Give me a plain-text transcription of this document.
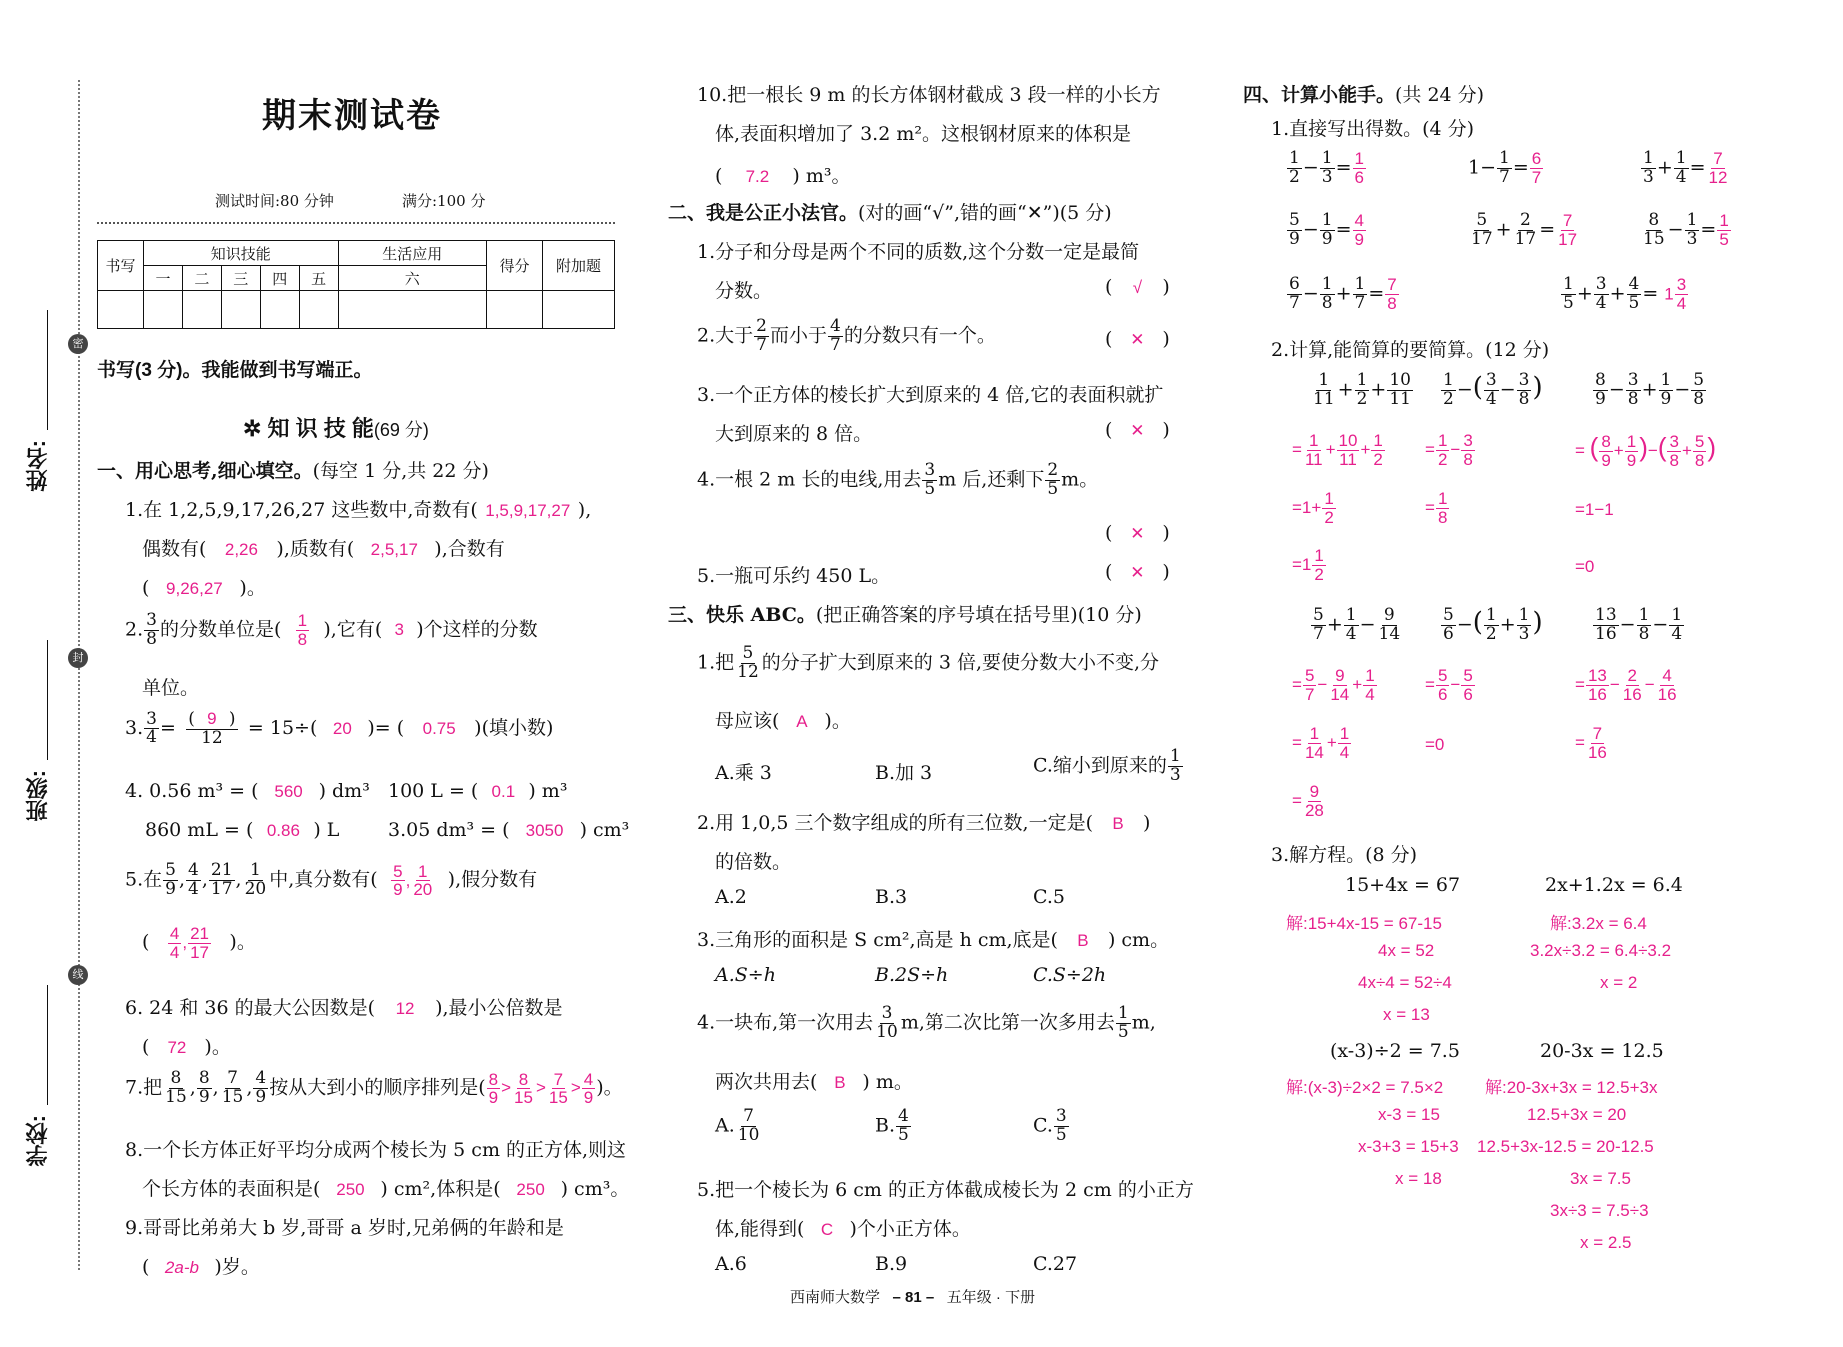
姓名:
班级:
学校:
密
封
线
期末测试卷
测试时间:80 分钟	满分:100 分
书写	知识技能					生活应用	得分	附加题
	一	二	三	四	五	六		

书写(3 分)。我能做到书写端正。
✲ 知 识 技 能(69 分)
一、用心思考,细心填空。(每空 1 分,共 22 分)
1.在 1,2,5,9,17,26,27 这些数中,奇数有( 1,5,9,17,27 ),
偶数有( 2,26 ),质数有( 2,5,17 ),合数有
( 9,26,27 )。
2. $\frac{3}{8}$ 的分数单位是( $\frac{1}{8}$ ),它有( 3 )个这样的分数
单位。
3. $\frac{3}{4} = \frac{( 9 )}{12} = 15\div$( 20 )= ( 0.75 )(填小数)
4. 0.56 m³ = ( 560 ) dm³ 100 L = ( 0.1 ) m³
860 mL = ( 0.86 ) L	3.05 dm³ = ( 3050 ) cm³
5.在 $\frac{5}{9}$ , $\frac{4}{4}$ , $\frac{21}{17}$ , $\frac{1}{20}$ 中,真分数有( $\frac{5}{9}$ , $\frac{1}{20}$ ),假分数有
( $\frac{4}{4}$ , $\frac{21}{17}$ )。
6. 24 和 36 的最大公因数是( 12 ),最小公倍数是
( 72 )。
7.把 $\frac{8}{15}$ , $\frac{8}{9}$ , $\frac{7}{15}$ , $\frac{4}{9}$ 按从大到小的顺序排列是( $\frac{8}{9} > \frac{8}{15} > \frac{7}{15} > \frac{4}{9}$ )。
8.一个长方体正好平均分成两个棱长为 5 cm 的正方体,则这
个长方体的表面积是( 250 ) cm²,体积是( 250 ) cm³。
9.哥哥比弟弟大 b 岁,哥哥 a 岁时,兄弟俩的年龄和是
( 2a-b )岁。
10.把一根长 9 m 的长方体钢材截成 3 段一样的小长方
体,表面积增加了 3.2 m²。这根钢材原来的体积是
( 7.2 ) m³。
二、我是公正小法官。(对的画“√”,错的画“✕”)(5 分)
1.分子和分母是两个不同的质数,这个分数一定是最简
分数。	( √ )
2.大于 $\frac{2}{7}$ 而小于 $\frac{4}{7}$ 的分数只有一个。	( ✕ )
3.一个正方体的棱长扩大到原来的 4 倍,它的表面积就扩
大到原来的 8 倍。	( ✕ )
4.一根 2 m 长的电线,用去 $\frac{3}{5}$ m 后,还剩下 $\frac{2}{5}$ m。
( ✕ )
5.一瓶可乐约 450 L。	( ✕ )
三、快乐 ABC。(把正确答案的序号填在括号里)(10 分)
1.把 $\frac{5}{12}$ 的分子扩大到原来的 3 倍,要使分数大小不变,分
母应该( A )。
A.乘 3	B.加 3	C.缩小到原来的 $\frac{1}{3}$
2.用 1,0,5 三个数字组成的所有三位数,一定是( B )
的倍数。
A.2	B.3	C.5
3.三角形的面积是 S cm²,高是 h cm,底是( B ) cm。
A.S÷h	B.2S÷h	C.S÷2h
4.一块布,第一次用去 $\frac{3}{10} m$,第二次比第一次多用去 $\frac{1}{5} m$,
两次共用去( B ) m。
A. $\frac{7}{10}$	B. $\frac{4}{5}$	C. $\frac{3}{5}$
5.把一个棱长为 6 cm 的正方体截成棱长为 2 cm 的小正方
体,能得到( C )个小正方体。
A.6	B.9	C.27
西南师大数学 – 81 – 五年级 · 下册
四、计算小能手。(共 24 分)
1.直接写出得数。(4 分)
$\frac{1}{2} - \frac{1}{3} = \frac{1}{6}$	$1- \frac{1}{7} = \frac{6}{7}$	$\frac{1}{3} + \frac{1}{4} = \frac{7}{12}$
$\frac{5}{9} - \frac{1}{9} = \frac{4}{9}$	$\frac{5}{17} + \frac{2}{17} = \frac{7}{17}$	$\frac{8}{15} - \frac{1}{3} = \frac{1}{5}$
$\frac{6}{7} - \frac{1}{8} + \frac{1}{7} = \frac{7}{8}$	$\frac{1}{5} + \frac{3}{4} + \frac{4}{5} = 1 \frac{3}{4}$
2.计算,能简算的要简算。(12 分)
$\frac{1}{11} + \frac{1}{2} + \frac{10}{11}$
= $\frac{1}{11} + \frac{10}{11} + \frac{1}{2}$
$=1+ \frac{1}{2}$
$=1 \frac{1}{2}$
$\frac{1}{2}$ −( $\frac{3}{4} - \frac{3}{8}$ )
= $\frac{1}{2} - \frac{3}{8}$
= $\frac{1}{8}$
$\frac{8}{9} - \frac{3}{8} + \frac{1}{9} - \frac{5}{8}$
= ( $\frac{8}{9} + \frac{1}{9}$ )−( $\frac{3}{8} + \frac{5}{8}$ )
=1−1
=0
$\frac{5}{7} + \frac{1}{4} - \frac{9}{14}$
= $\frac{5}{7} - \frac{9}{14} + \frac{1}{4}$
= $\frac{1}{14} + \frac{1}{4}$
= $\frac{9}{28}$
$\frac{5}{6}$ −( $\frac{1}{2} + \frac{1}{3}$ )
= $\frac{5}{6} - \frac{5}{6}$
=0
$\frac{13}{16} - \frac{1}{8} - \frac{1}{4}$
= $\frac{13}{16} - \frac{2}{16} - \frac{4}{16}$
= $\frac{7}{16}$
3.解方程。(8 分)
15+4x = 67
解:15+4x-15 = 67-15
4x = 52
4x÷4 = 52÷4
x = 13
2x+1.2x = 6.4
解:3.2x = 6.4
3.2x÷3.2 = 6.4÷3.2
x = 2
(x-3)÷2 = 7.5
解:(x-3)÷2×2 = 7.5×2
x-3 = 15
x-3+3 = 15+3
x = 18
20-3x = 12.5
解:20-3x+3x = 12.5+3x
12.5+3x = 20
12.5+3x-12.5 = 20-12.5
3x = 7.5
3x÷3 = 7.5÷3
x = 2.5
